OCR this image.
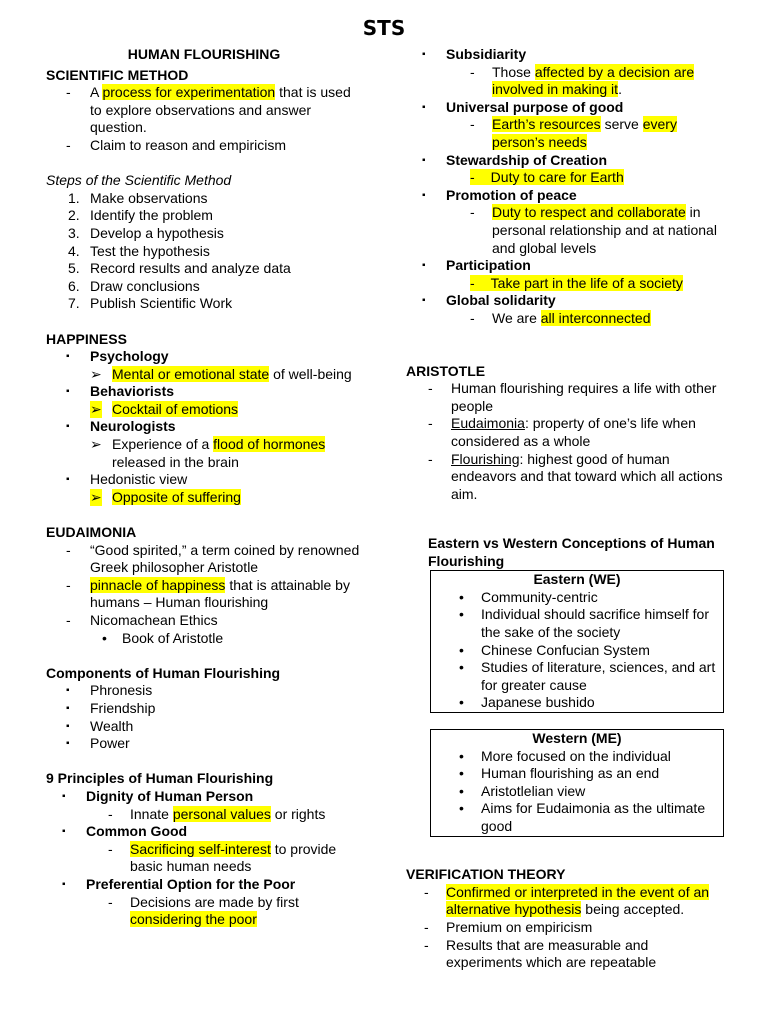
STS
HUMAN FLOURISHING
SCIENTIFIC METHOD
- A process for experimentation that is used
to explore observations and answer
question.
- Claim to reason and empiricism
Steps of the Scientific Method
1. Make observations
2. Identify the problem
3. Develop a hypothesis
4. Test the hypothesis
5. Record results and analyze data
6. Draw conclusions
7. Publish Scientific Work
HAPPINESS
▪ Psychology
➢ Mental or emotional state of well-being
▪ Behaviorists
➢ Cocktail of emotions
▪ Neurologists
➢ Experience of a flood of hormones
released in the brain
▪ Hedonistic view
➢ Opposite of suffering
EUDAIMONIA
- “Good spirited,” a term coined by renowned
Greek philosopher Aristotle
- pinnacle of happiness that is attainable by
humans – Human flourishing
- Nicomachean Ethics
• Book of Aristotle
Components of Human Flourishing
▪ Phronesis
▪ Friendship
▪ Wealth
▪ Power
9 Principles of Human Flourishing
▪ Dignity of Human Person
- Innate personal values or rights
▪ Common Good
- Sacrificing self-interest to provide
basic human needs
▪ Preferential Option for the Poor
- Decisions are made by first
considering the poor
▪ Subsidiarity
- Those affected by a decision are
involved in making it.
▪ Universal purpose of good
- Earth’s resources serve every
person’s needs
▪ Stewardship of Creation
- Duty to care for Earth
▪ Promotion of peace
- Duty to respect and collaborate in
personal relationship and at national
and global levels
▪ Participation
- Take part in the life of a society
▪ Global solidarity
- We are all interconnected
ARISTOTLE
- Human flourishing requires a life with other
people
- Eudaimonia: property of one’s life when
considered as a whole
- Flourishing: highest good of human
endeavors and that toward which all actions
aim.
Eastern vs Western Conceptions of Human
Flourishing
Eastern (WE)
• Community-centric
• Individual should sacrifice himself for
the sake of the society
• Chinese Confucian System
• Studies of literature, sciences, and art
for greater cause
• Japanese bushido
Western (ME)
• More focused on the individual
• Human flourishing as an end
• Aristotlelian view
• Aims for Eudaimonia as the ultimate
good
VERIFICATION THEORY
- Confirmed or interpreted in the event of an
alternative hypothesis being accepted.
- Premium on empiricism
- Results that are measurable and
experiments which are repeatable
